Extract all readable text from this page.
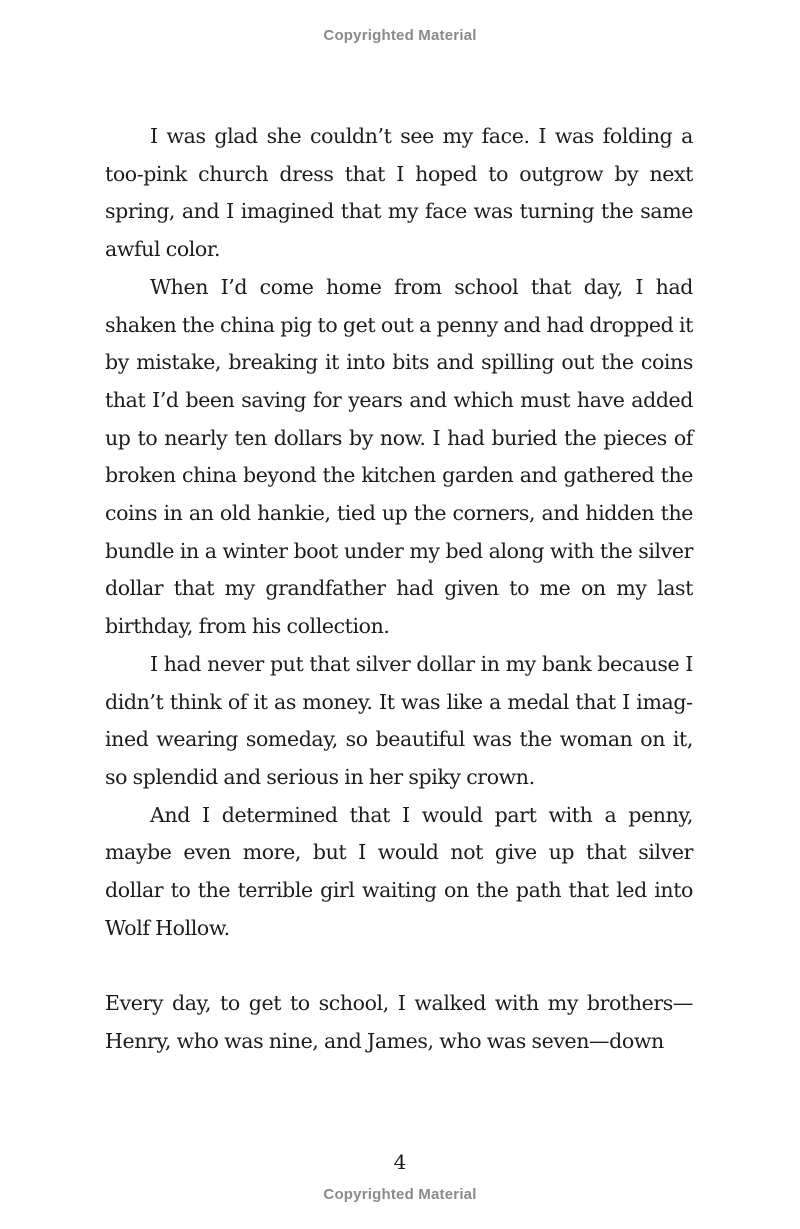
Copyrighted Material

I was glad she couldn’t see my face. I was folding a too-pink church dress that I hoped to outgrow by next spring, and I imagined that my face was turning the same awful color.

When I’d come home from school that day, I had shaken the china pig to get out a penny and had dropped it by mistake, breaking it into bits and spilling out the coins that I’d been saving for years and which must have added up to nearly ten dollars by now. I had buried the pieces of broken china beyond the kitchen garden and gathered the coins in an old hankie, tied up the corners, and hidden the bundle in a winter boot under my bed along with the silver dollar that my grandfather had given to me on my last birthday, from his collection.

I had never put that silver dollar in my bank because I didn’t think of it as money. It was like a medal that I imagined wearing someday, so beautiful was the woman on it, so splendid and serious in her spiky crown.

And I determined that I would part with a penny, maybe even more, but I would not give up that silver dollar to the terrible girl waiting on the path that led into Wolf Hollow.

Every day, to get to school, I walked with my brothers—Henry, who was nine, and James, who was seven—down

4
Copyrighted Material
